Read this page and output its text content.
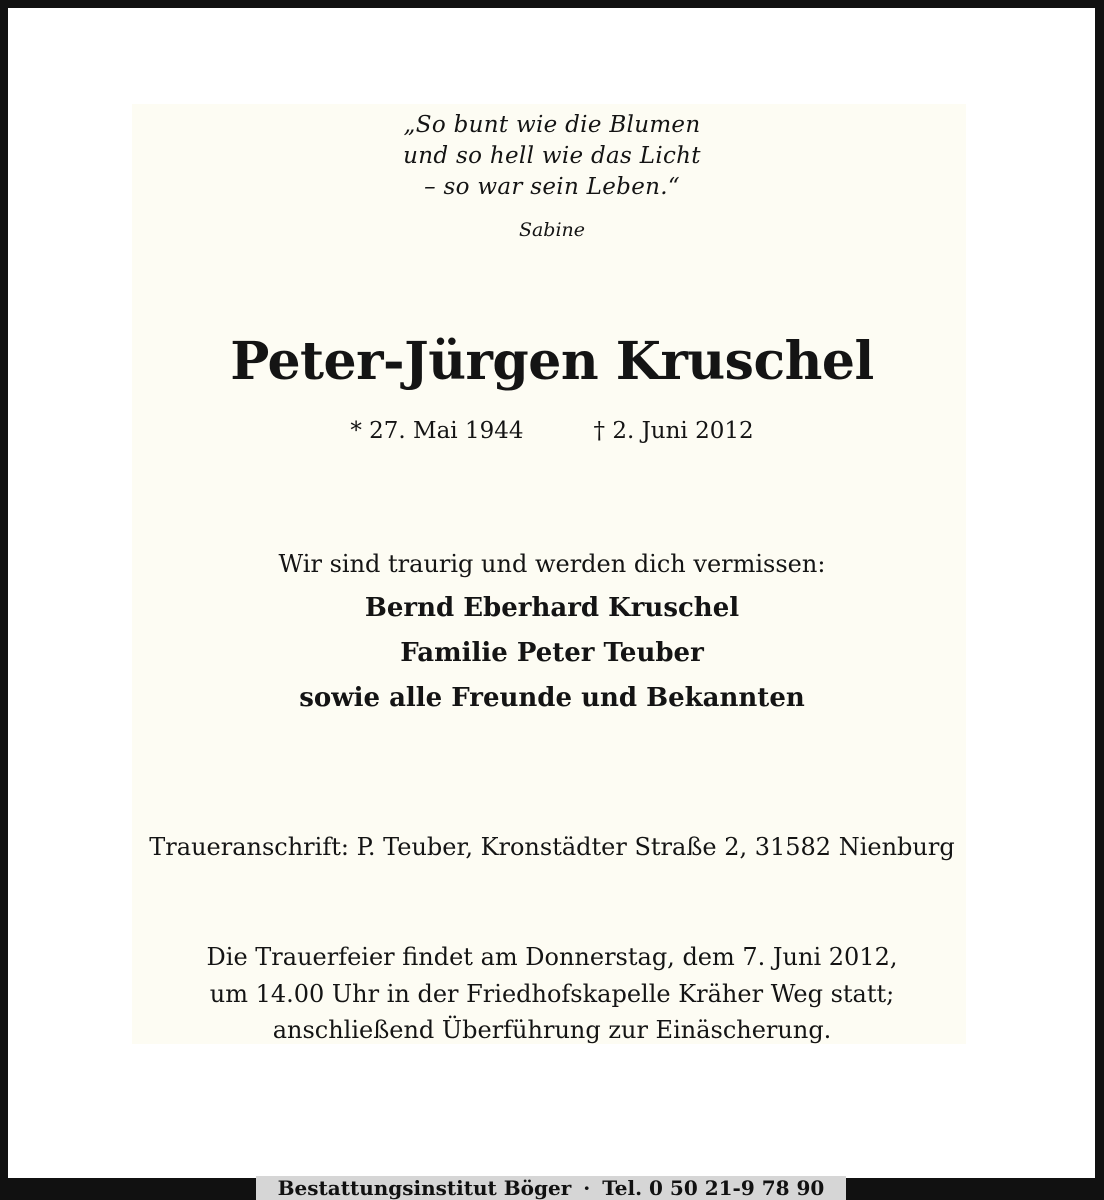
„So bunt wie die Blumen
und so hell wie das Licht
– so war sein Leben.“
Sabine
Peter-Jürgen Kruschel
* 27. Mai 1944	† 2. Juni 2012
Wir sind traurig und werden dich vermissen:
Bernd Eberhard Kruschel
Familie Peter Teuber
sowie alle Freunde und Bekannten
Traueranschrift: P. Teuber, Kronstädter Straße 2, 31582 Nienburg
Die Trauerfeier findet am Donnerstag, dem 7. Juni 2012,
um 14.00 Uhr in der Friedhofskapelle Kräher Weg statt;
anschließend Überführung zur Einäscherung.
Bestattungsinstitut Böger · Tel. 0 50 21-9 78 90
